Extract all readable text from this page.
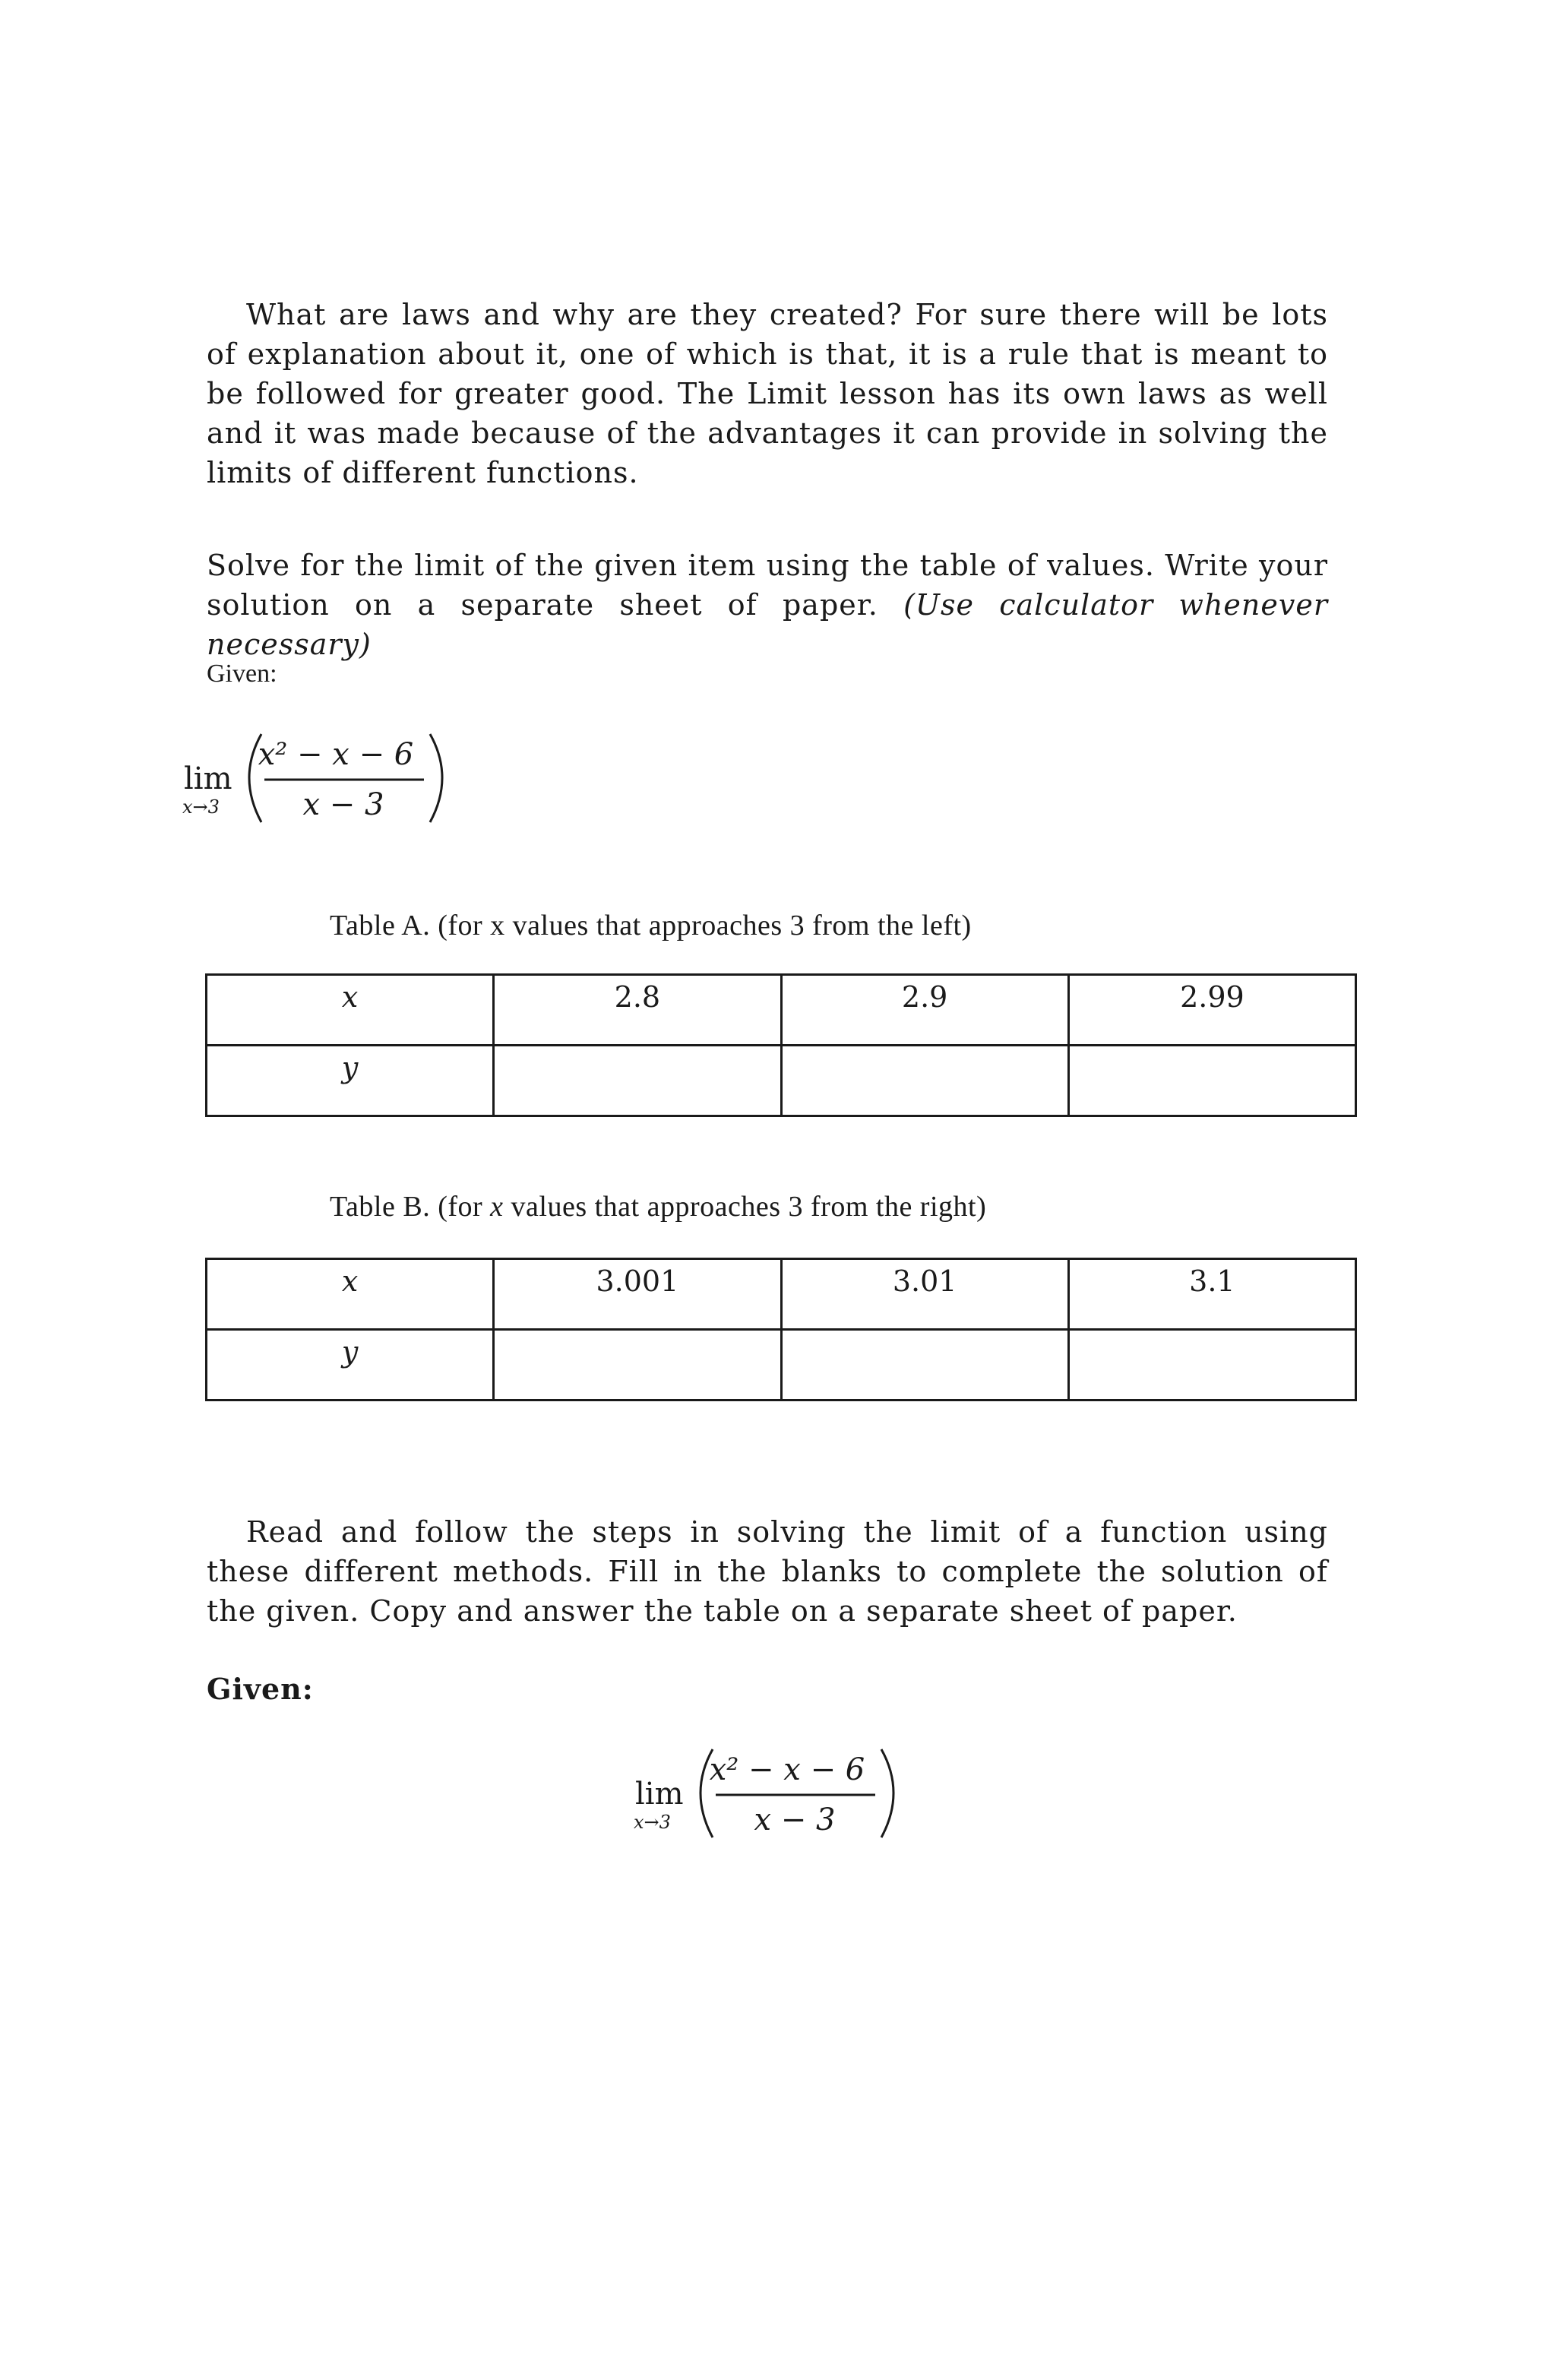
What are laws and why are they created? For sure there will be lots of explanation about it, one of which is that, it is a rule that is meant to be followed for greater good. The Limit lesson has its own laws as well and it was made because of the advantages it can provide in solving the limits of different functions.

Solve for the limit of the given item using the table of values. Write your solution on a separate sheet of paper. (Use calculator whenever necessary)

Given:
lim
x→3
x² − x − 6
x − 3
Table A. (for x values that approaches 3 from the left)
x	2.8	2.9	2.99
y			
Table B. (for x values that approaches 3 from the right)
x	3.001	3.01	3.1
y			

Read and follow the steps in solving the limit of a function using these different methods. Fill in the blanks to complete the solution of the given. Copy and answer the table on a separate sheet of paper.

Given:
lim
x→3
x² − x − 6
x − 3
